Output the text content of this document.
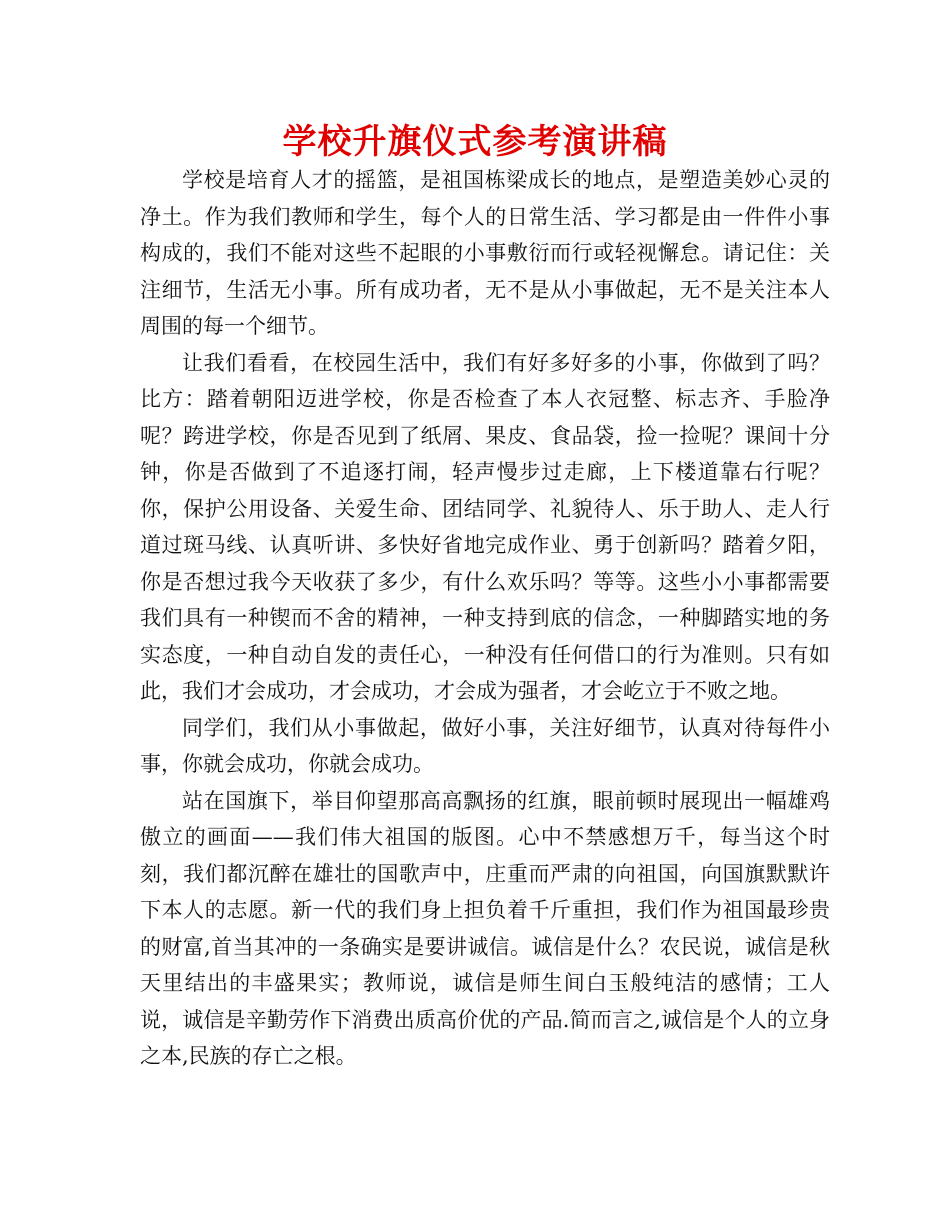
学校升旗仪式参考演讲稿

学校是培育人才的摇篮，是祖国栋梁成长的地点，是塑造美妙心灵的净土。作为我们教师和学生，每个人的日常生活、学习都是由一件件小事构成的，我们不能对这些不起眼的小事敷衍而行或轻视懈怠。请记住：关注细节，生活无小事。所有成功者，无不是从小事做起，无不是关注本人周围的每一个细节。

让我们看看，在校园生活中，我们有好多好多的小事，你做到了吗？比方：踏着朝阳迈进学校，你是否检查了本人衣冠整、标志齐、手脸净呢？跨进学校，你是否见到了纸屑、果皮、食品袋，捡一捡呢？课间十分钟，你是否做到了不追逐打闹，轻声慢步过走廊，上下楼道靠右行呢？你，保护公用设备、关爱生命、团结同学、礼貌待人、乐于助人、走人行道过斑马线、认真听讲、多快好省地完成作业、勇于创新吗？踏着夕阳，你是否想过我今天收获了多少，有什么欢乐吗？等等。这些小小事都需要我们具有一种锲而不舍的精神，一种支持到底的信念，一种脚踏实地的务实态度，一种自动自发的责任心，一种没有任何借口的行为准则。只有如此，我们才会成功，才会成功，才会成为强者，才会屹立于不败之地。

同学们，我们从小事做起，做好小事，关注好细节，认真对待每件小事，你就会成功，你就会成功。

站在国旗下，举目仰望那高高飘扬的红旗，眼前顿时展现出一幅雄鸡傲立的画面——我们伟大祖国的版图。心中不禁感想万千，每当这个时刻，我们都沉醉在雄壮的国歌声中，庄重而严肃的向祖国，向国旗默默许下本人的志愿。新一代的我们身上担负着千斤重担，我们作为祖国最珍贵的财富,首当其冲的一条确实是要讲诚信。诚信是什么？农民说，诚信是秋天里结出的丰盛果实；教师说，诚信是师生间白玉般纯洁的感情；工人说，诚信是辛勤劳作下消费出质高价优的产品.简而言之,诚信是个人的立身之本,民族的存亡之根。
